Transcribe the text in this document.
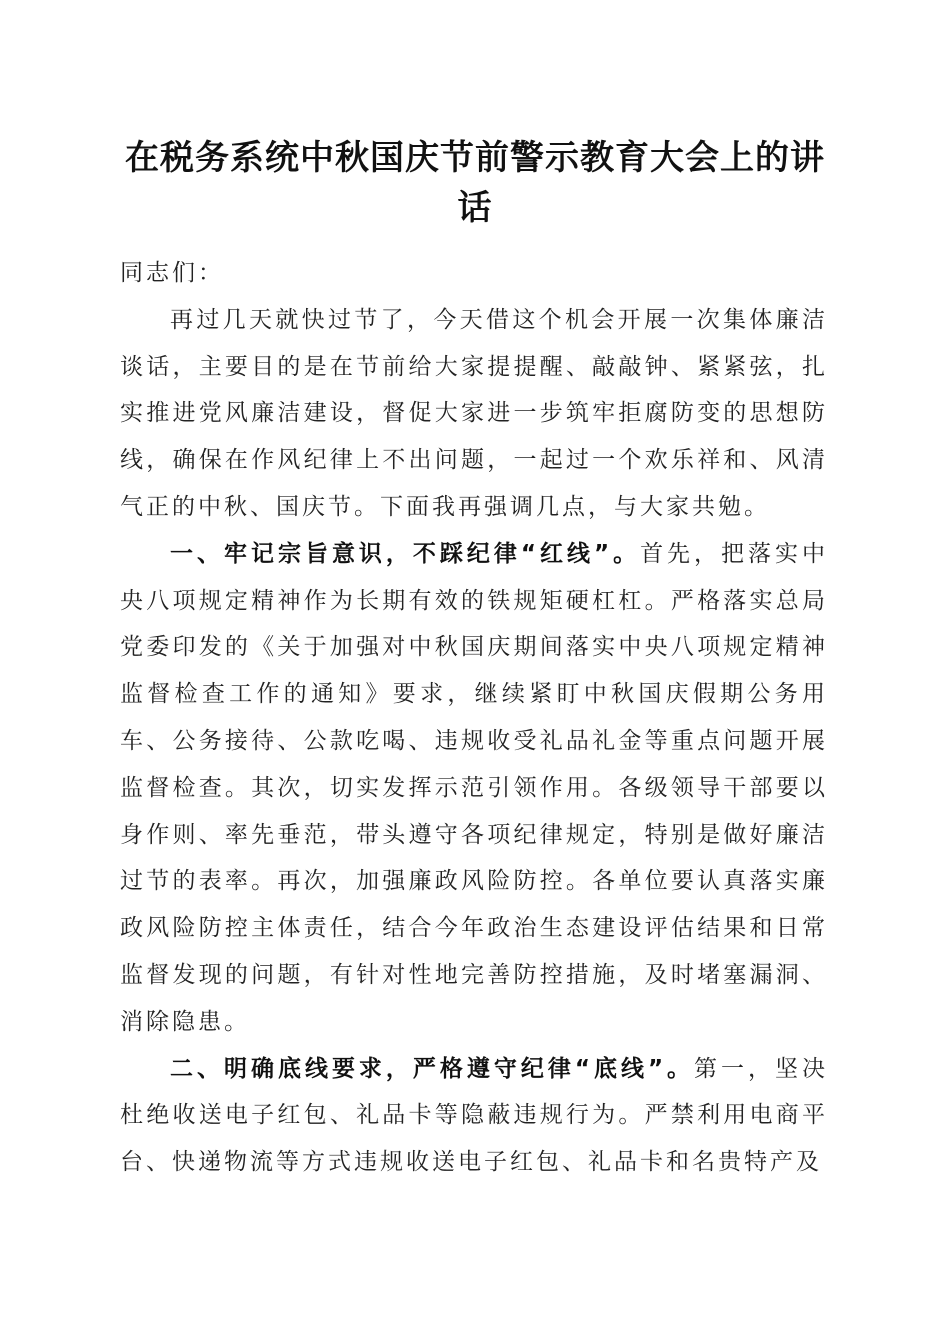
在税务系统中秋国庆节前警示教育大会上的讲话

同志们：

再过几天就快过节了，今天借这个机会开展一次集体廉洁谈话，主要目的是在节前给大家提提醒、敲敲钟、紧紧弦，扎实推进党风廉洁建设，督促大家进一步筑牢拒腐防变的思想防线，确保在作风纪律上不出问题，一起过一个欢乐祥和、风清气正的中秋、国庆节。下面我再强调几点，与大家共勉。

一、牢记宗旨意识，不踩纪律“红线”。首先，把落实中央八项规定精神作为长期有效的铁规矩硬杠杠。严格落实总局党委印发的《关于加强对中秋国庆期间落实中央八项规定精神监督检查工作的通知》要求，继续紧盯中秋国庆假期公务用车、公务接待、公款吃喝、违规收受礼品礼金等重点问题开展监督检查。其次，切实发挥示范引领作用。各级领导干部要以身作则、率先垂范，带头遵守各项纪律规定，特别是做好廉洁过节的表率。再次，加强廉政风险防控。各单位要认真落实廉政风险防控主体责任，结合今年政治生态建设评估结果和日常监督发现的问题，有针对性地完善防控措施，及时堵塞漏洞、消除隐患。

二、明确底线要求，严格遵守纪律“底线”。第一，坚决杜绝收送电子红包、礼品卡等隐蔽违规行为。严禁利用电商平台、快递物流等方式违规收送电子红包、礼品卡和名贵特产及
